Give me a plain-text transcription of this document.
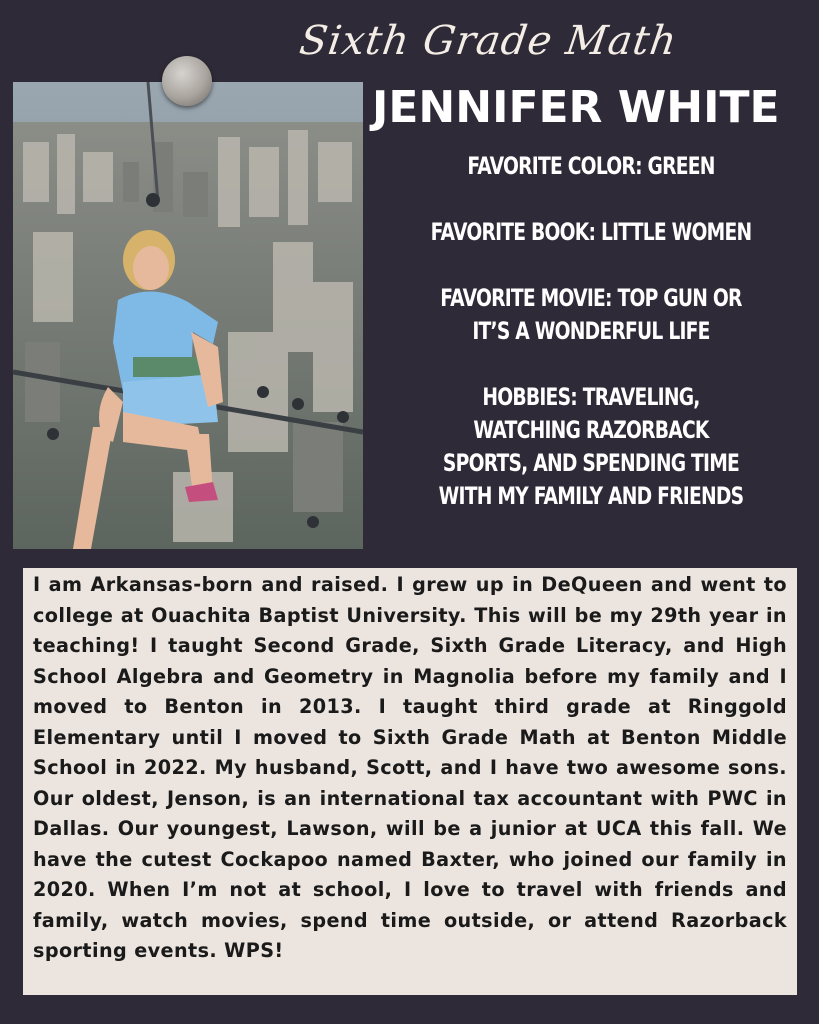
Sixth Grade Math
JENNIFER WHITE
FAVORITE COLOR: GREEN
FAVORITE BOOK: LITTLE WOMEN
FAVORITE MOVIE: TOP GUN OR IT’S A WONDERFUL LIFE
HOBBIES: TRAVELING, WATCHING RAZORBACK SPORTS, AND SPENDING TIME WITH MY FAMILY AND FRIENDS

I am Arkansas-born and raised. I grew up in DeQueen and went to college at Ouachita Baptist University. This will be my 29th year in teaching! I taught Second Grade, Sixth Grade Literacy, and High School Algebra and Geometry in Magnolia before my family and I moved to Benton in 2013. I taught third grade at Ringgold Elementary until I moved to Sixth Grade Math at Benton Middle School in 2022. My husband, Scott, and I have two awesome sons. Our oldest, Jenson, is an international tax accountant with PWC in Dallas. Our youngest, Lawson, will be a junior at UCA this fall. We have the cutest Cockapoo named Baxter, who joined our family in 2020. When I’m not at school, I love to travel with friends and family, watch movies, spend time outside, or attend Razorback sporting events. WPS!
